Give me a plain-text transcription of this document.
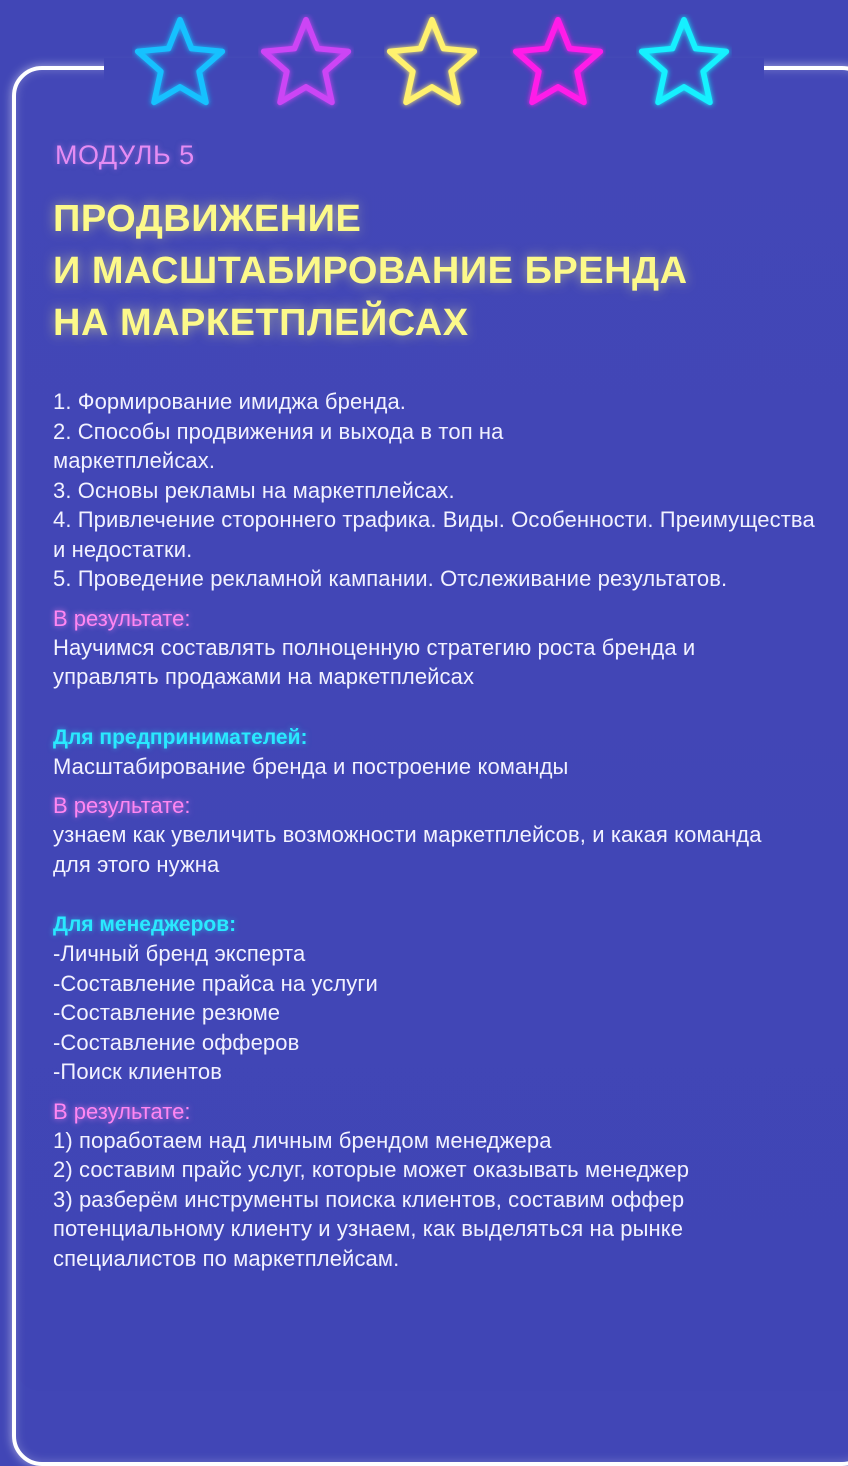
МОДУЛЬ 5
ПРОДВИЖЕНИЕ
И МАСШТАБИРОВАНИЕ БРЕНДА
НА МАРКЕТПЛЕЙСАХ

1. Формирование имиджа бренда.

2. Способы продвижения и выхода в топ на маркетплейсах.

3. Основы рекламы на маркетплейсах.

4. Привлечение стороннего трафика. Виды. Особенности. Преимущества и недостатки.

5. Проведение рекламной кампании. Отслеживание результатов.

В результате:

Научимся составлять полноценную стратегию роста бренда и управлять продажами на маркетплейсах

Для предпринимателей:

Масштабирование бренда и построение команды

В результате:

узнаем как увеличить возможности маркетплейсов, и какая команда для этого нужна

Для менеджеров:

-Личный бренд эксперта

-Составление прайса на услуги

-Составление резюме

-Составление офферов

-Поиск клиентов

В результате:

1) поработаем над личным брендом менеджера

2) составим прайс услуг, которые может оказывать менеджер

3) разберём инструменты поиска клиентов, составим оффер потенциальному клиенту и узнаем, как выделяться на рынке специалистов по маркетплейсам.
